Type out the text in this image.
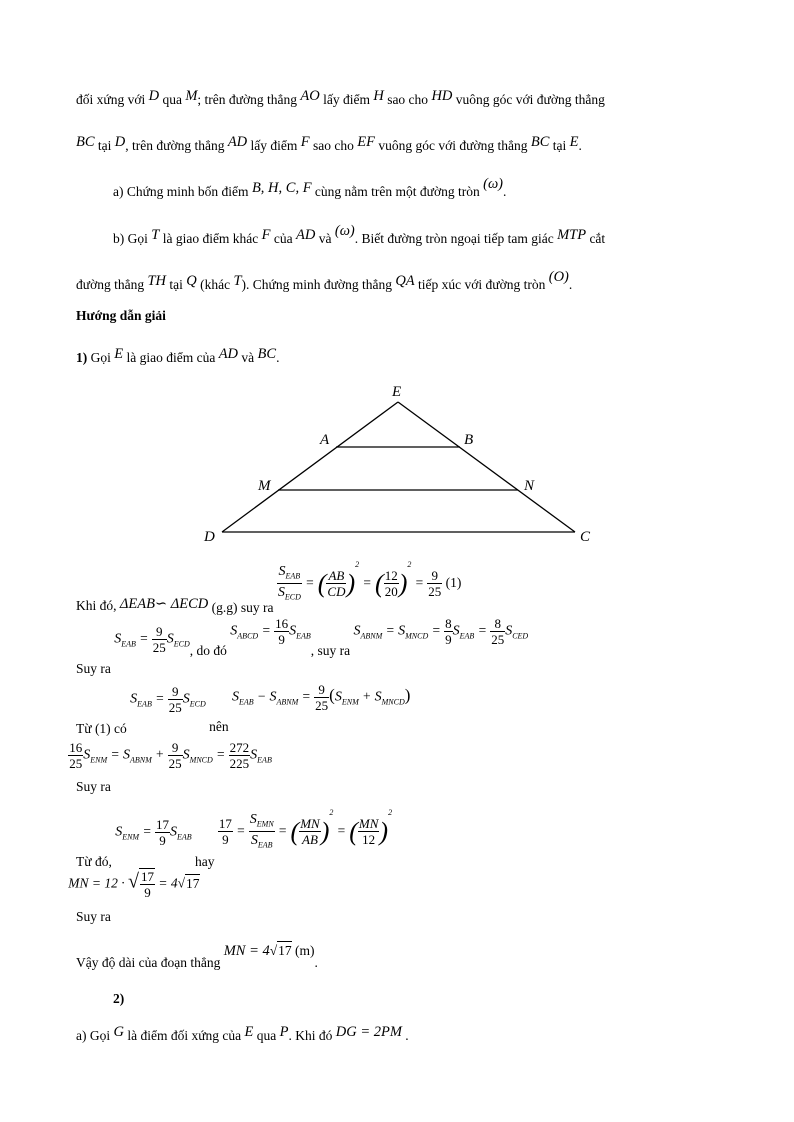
đối xứng với D qua M; trên đường thẳng AO lấy điểm H sao cho HD vuông góc với đường thẳng
BC tại D, trên đường thẳng AD lấy điểm F sao cho EF vuông góc với đường thẳng BC tại E.
a) Chứng minh bốn điểm B, H, C, F cùng nằm trên một đường tròn (ω).
b) Gọi T là giao điểm khác F của AD và (ω). Biết đường tròn ngoại tiếp tam giác MTP cắt
đường thẳng TH tại Q (khác T). Chứng minh đường thẳng QA tiếp xúc với đường tròn (O).
Hướng dẫn giải
1) Gọi E là giao điểm của AD và BC.
E
A	B
M	N
D	C
Khi đó, ΔEAB∽ ΔECD (g.g) suy ra
$\frac{S_{EAB}}{S_{ECD}}$ = ( $\frac{AB}{CD} )^2$ = ( $\frac{12}{20} )^2 = \frac{9}{25} (1)$
Suy ra $S_{EAB} = \frac{9}{25} S_{ECD}$, do đó $S_{ABCD} = \frac{16}{9} S_{EAB}$, suy ra $S_{ABNM} = S_{MNCD} = \frac{8}{9} S_{EAB} = \frac{8}{25} S_{CED}$
Từ (1) có $S_{EAB} = \frac{9}{25} S_{ECD}$ nên $S_{EAB} - S_{ABNM} = \frac{9}{25} (S_{ENM} + S_{MNCD})$
Suy ra
$\frac{16}{25} S_{ENM} = S_{ABNM} + \frac{9}{25} S_{MNCD} = \frac{272}{225} S_{EAB}$
Từ đó, $S_{ENM} = \frac{17}{9} S_{EAB}$ hay
$\frac{17}{9} = \frac{S_{EMN}}{S_{EAB}}$ = ( $\frac{MN}{AB} )^2$ = ( $\frac{MN}{12} )^2$
Suy ra MN = 12 · √ $\frac{17}{9} = 4√17$
Vậy độ dài của đoạn thẳng MN = 4√17 (m).
2)
a) Gọi G là điểm đối xứng của E qua P. Khi đó DG = 2PM .
